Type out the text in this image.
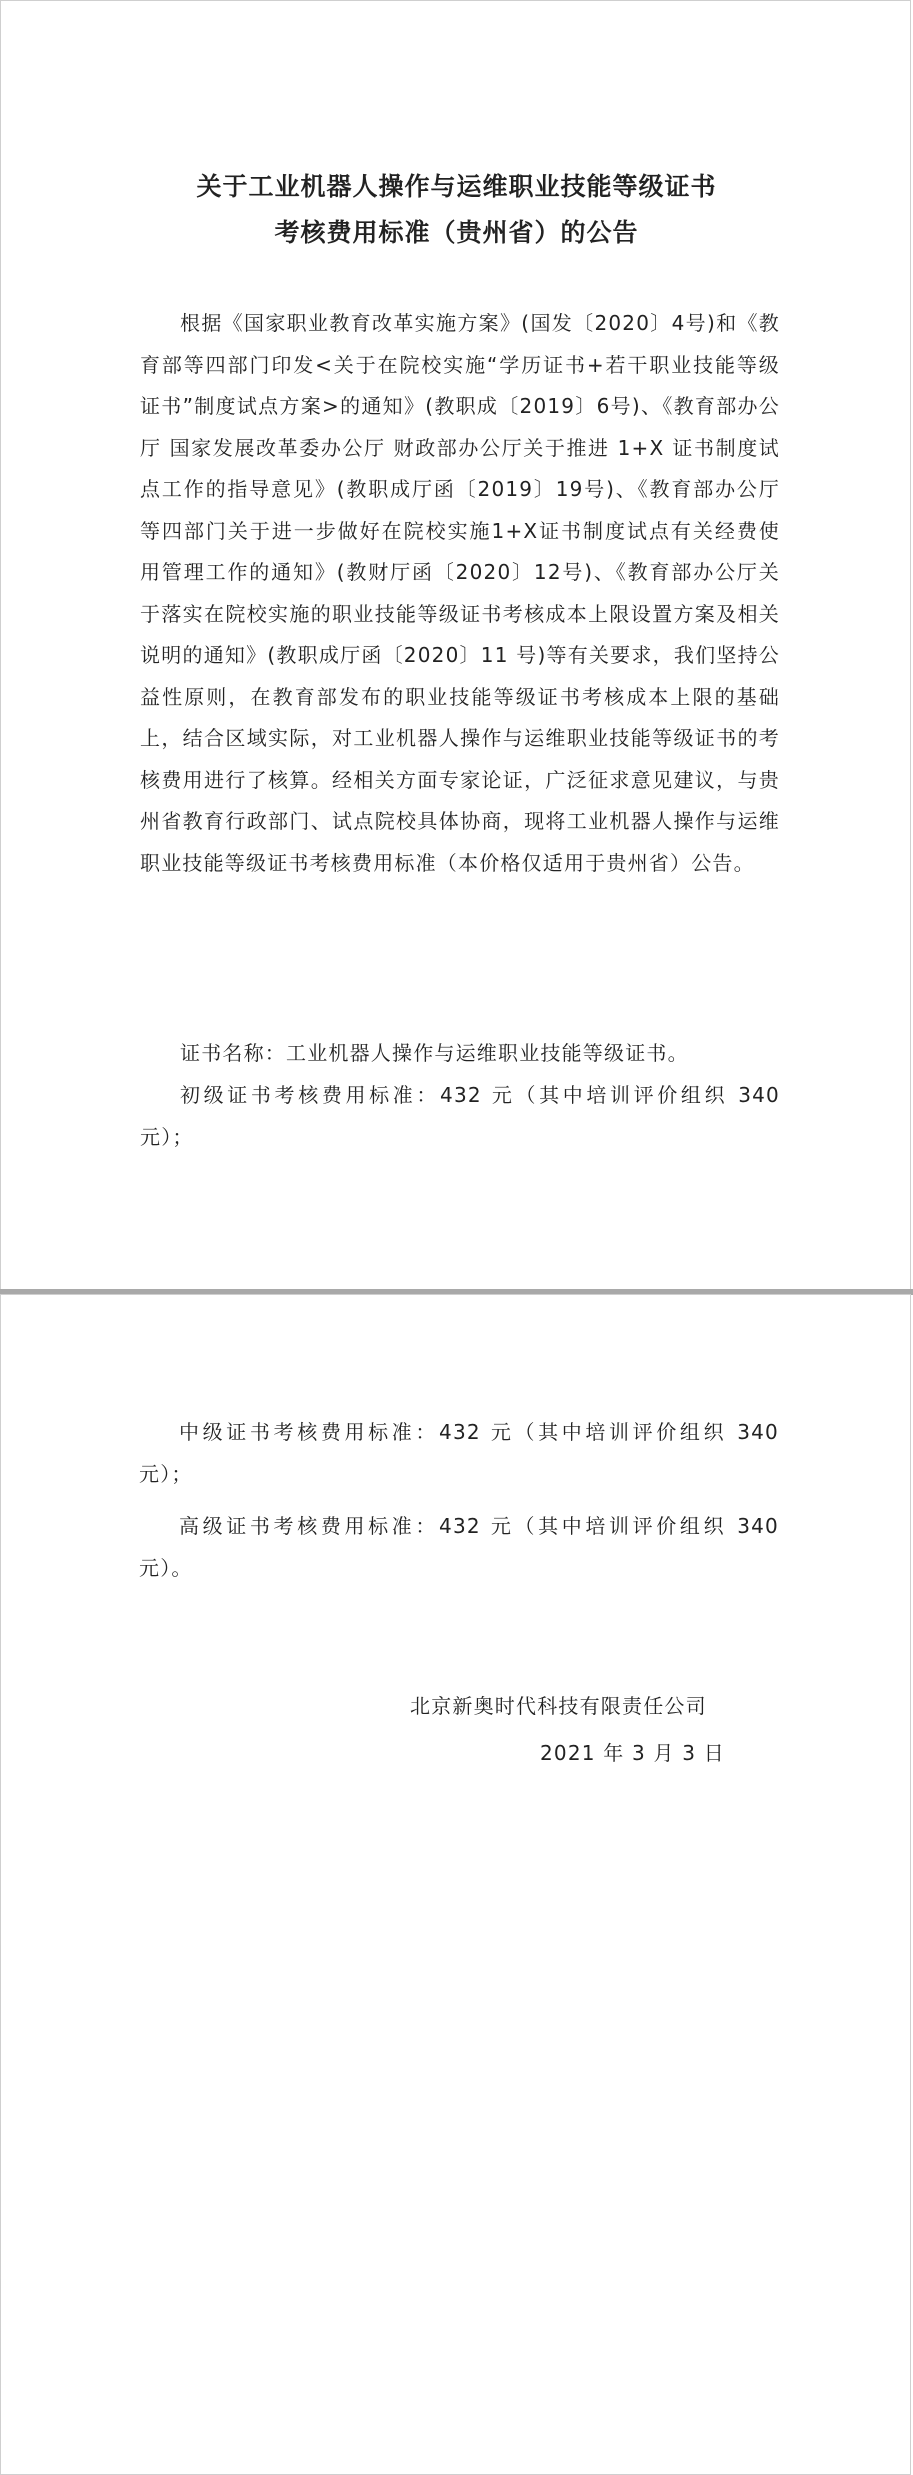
关于工业机器人操作与运维职业技能等级证书
考核费用标准（贵州省）的公告
根据《国家职业教育改革实施方案》(国发〔2020〕4号)和《教育部等四部门印发<关于在院校实施“学历证书+若干职业技能等级证书”制度试点方案>的通知》(教职成〔2019〕6号)、《教育部办公厅 国家发展改革委办公厅 财政部办公厅关于推进 1+X 证书制度试点工作的指导意见》(教职成厅函〔2019〕19号)、《教育部办公厅等四部门关于进一步做好在院校实施1+X证书制度试点有关经费使用管理工作的通知》(教财厅函〔2020〕12号)、《教育部办公厅关于落实在院校实施的职业技能等级证书考核成本上限设置方案及相关说明的通知》(教职成厅函〔2020〕11 号)等有关要求，我们坚持公益性原则，在教育部发布的职业技能等级证书考核成本上限的基础上，结合区域实际，对工业机器人操作与运维职业技能等级证书的考核费用进行了核算。经相关方面专家论证，广泛征求意见建议，与贵州省教育行政部门、试点院校具体协商，现将工业机器人操作与运维职业技能等级证书考核费用标准（本价格仅适用于贵州省）公告。
证书名称：工业机器人操作与运维职业技能等级证书。
初级证书考核费用标准：432 元（其中培训评价组织 340 元）；
中级证书考核费用标准：432 元（其中培训评价组织 340 元）；
高级证书考核费用标准：432 元（其中培训评价组织 340 元）。
北京新奥时代科技有限责任公司
2021 年 3 月 3 日
